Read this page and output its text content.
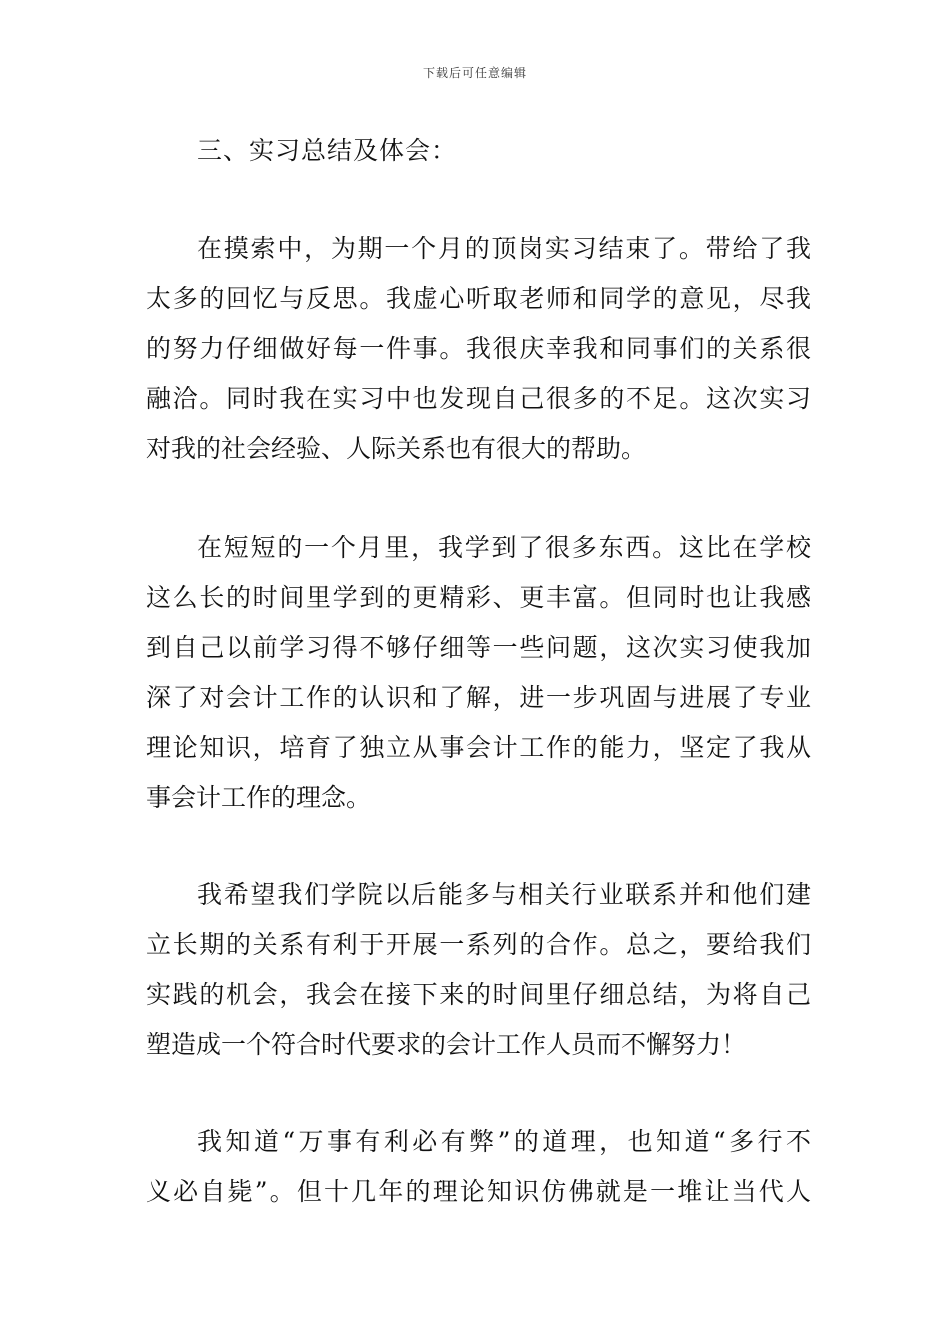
下载后可任意编辑
三、实习总结及体会：
在摸索中，为期一个月的顶岗实习结束了。带给了我
太多的回忆与反思。我虚心听取老师和同学的意见，尽我
的努力仔细做好每一件事。我很庆幸我和同事们的关系很
融洽。同时我在实习中也发现自己很多的不足。这次实习
对我的社会经验、人际关系也有很大的帮助。
在短短的一个月里，我学到了很多东西。这比在学校
这么长的时间里学到的更精彩、更丰富。但同时也让我感
到自己以前学习得不够仔细等一些问题，这次实习使我加
深了对会计工作的认识和了解，进一步巩固与进展了专业
理论知识，培育了独立从事会计工作的能力，坚定了我从
事会计工作的理念。
我希望我们学院以后能多与相关行业联系并和他们建
立长期的关系有利于开展一系列的合作。总之，要给我们
实践的机会，我会在接下来的时间里仔细总结，为将自己
塑造成一个符合时代要求的会计工作人员而不懈努力！
我知道“万事有利必有弊”的道理，也知道“多行不
义必自毙”。但十几年的理论知识仿佛就是一堆让当代人
